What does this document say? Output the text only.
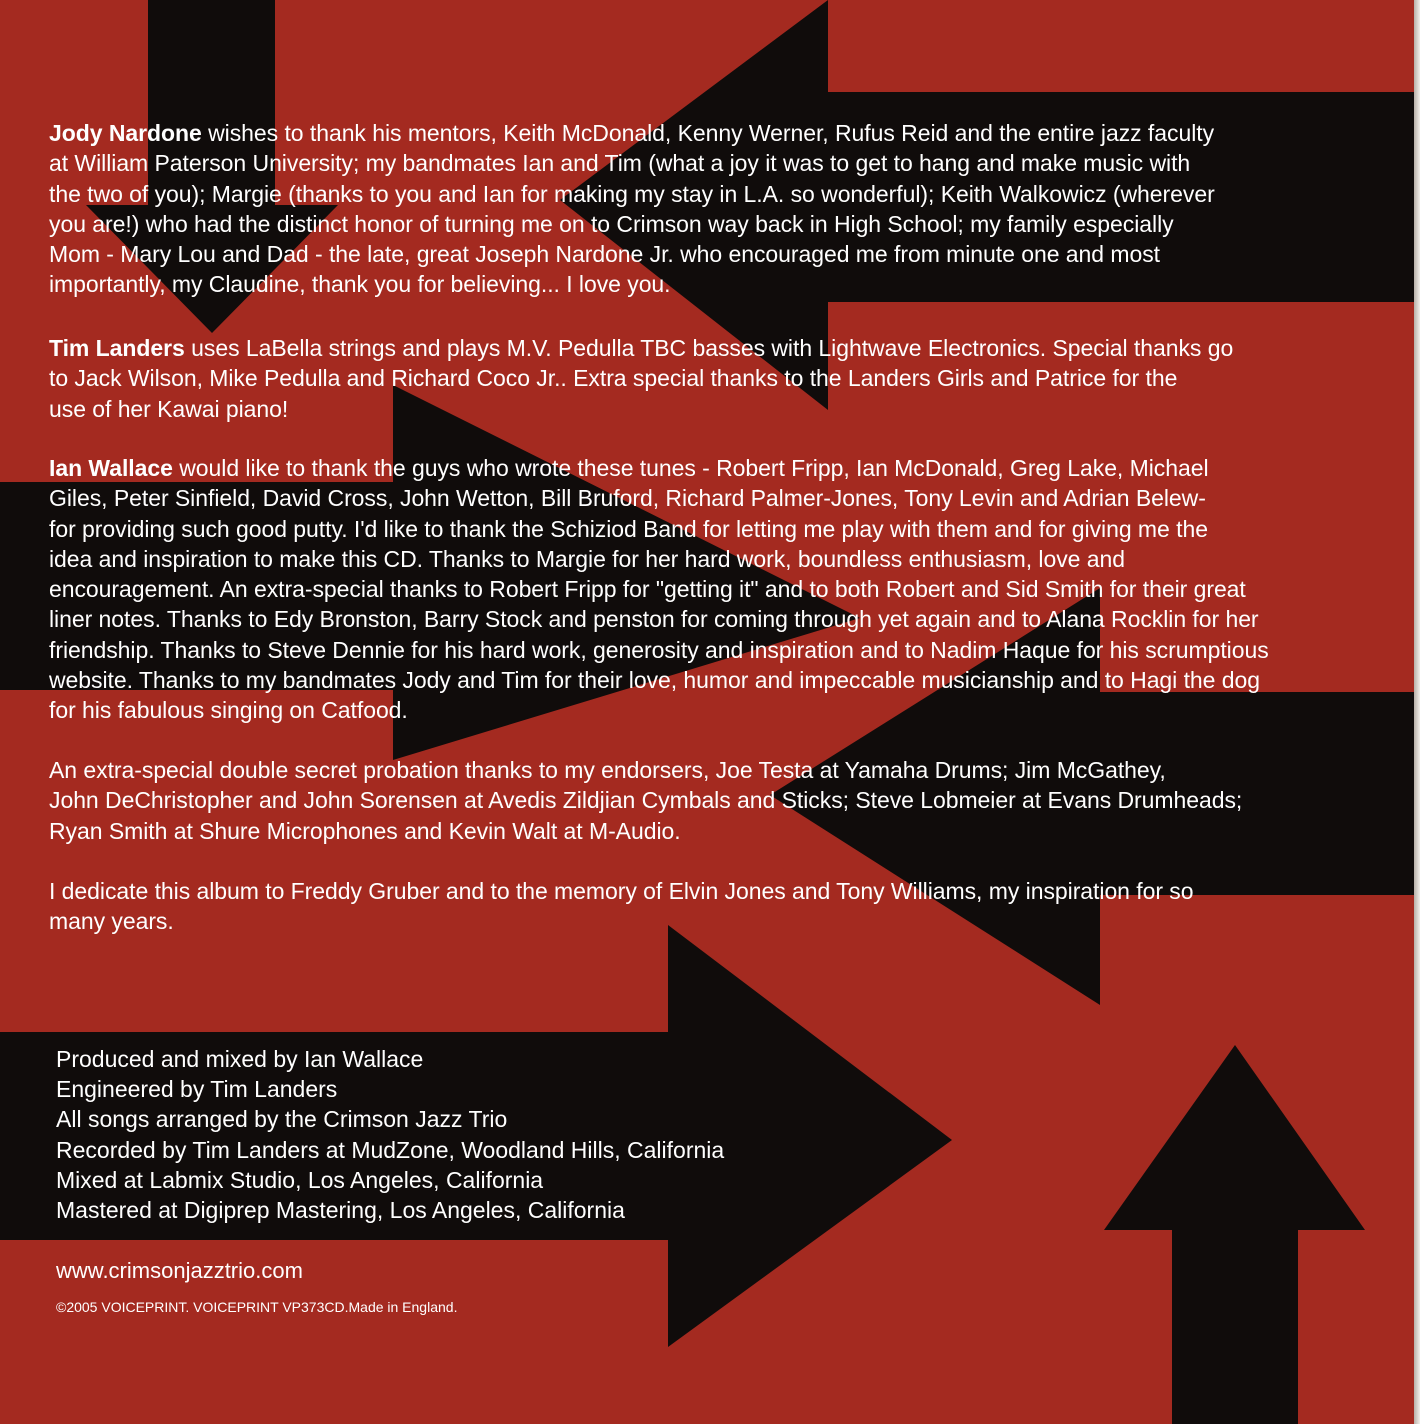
Jody Nardone wishes to thank his mentors, Keith McDonald, Kenny Werner, Rufus Reid and the entire jazz faculty
at William Paterson University; my bandmates Ian and Tim (what a joy it was to get to hang and make music with
the two of you); Margie (thanks to you and Ian for making my stay in L.A. so wonderful); Keith Walkowicz (wherever
you are!) who had the distinct honor of turning me on to Crimson way back in High School; my family especially
Mom - Mary Lou and Dad - the late, great Joseph Nardone Jr. who encouraged me from minute one and most
importantly, my Claudine, thank you for believing... I love you.

Tim Landers uses LaBella strings and plays M.V. Pedulla TBC basses with Lightwave Electronics. Special thanks go
to Jack Wilson, Mike Pedulla and Richard Coco Jr.. Extra special thanks to the Landers Girls and Patrice for the
use of her Kawai piano!

Ian Wallace would like to thank the guys who wrote these tunes - Robert Fripp, Ian McDonald, Greg Lake, Michael
Giles, Peter Sinfield, David Cross, John Wetton, Bill Bruford, Richard Palmer-Jones, Tony Levin and Adrian Belew-
for providing such good putty. I'd like to thank the Schiziod Band for letting me play with them and for giving me the
idea and inspiration to make this CD. Thanks to Margie for her hard work, boundless enthusiasm, love and
encouragement. An extra-special thanks to Robert Fripp for "getting it" and to both Robert and Sid Smith for their great
liner notes. Thanks to Edy Bronston, Barry Stock and penston for coming through yet again and to Alana Rocklin for her
friendship. Thanks to Steve Dennie for his hard work, generosity and inspiration and to Nadim Haque for his scrumptious
website. Thanks to my bandmates Jody and Tim for their love, humor and impeccable musicianship and to Hagi the dog
for his fabulous singing on Catfood.

An extra-special double secret probation thanks to my endorsers, Joe Testa at Yamaha Drums; Jim McGathey,
John DeChristopher and John Sorensen at Avedis Zildjian Cymbals and Sticks; Steve Lobmeier at Evans Drumheads;
Ryan Smith at Shure Microphones and Kevin Walt at M-Audio.

I dedicate this album to Freddy Gruber and to the memory of Elvin Jones and Tony Williams, my inspiration for so
many years.

Produced and mixed by Ian Wallace
Engineered by Tim Landers
All songs arranged by the Crimson Jazz Trio
Recorded by Tim Landers at MudZone, Woodland Hills, California
Mixed at Labmix Studio, Los Angeles, California
Mastered at Digiprep Mastering, Los Angeles, California
www.crimsonjazztrio.com
©2005 VOICEPRINT. VOICEPRINT VP373CD.Made in England.
